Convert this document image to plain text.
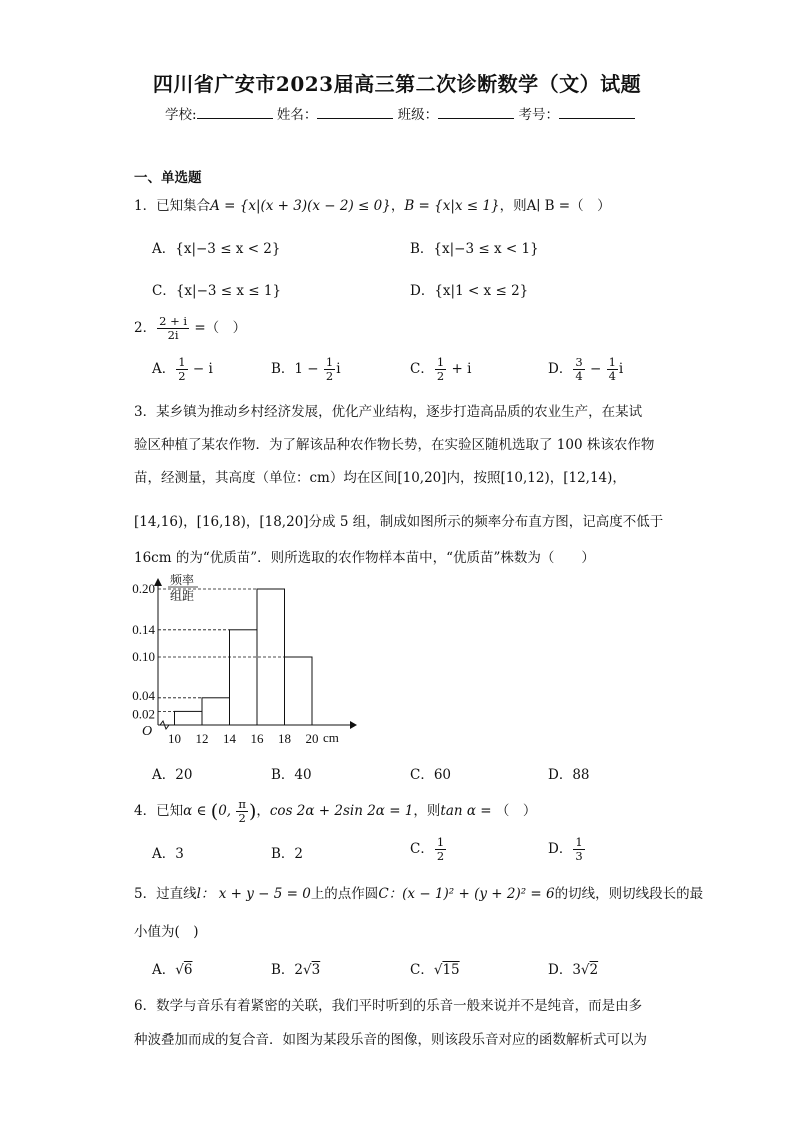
四川省广安市2023届高三第二次诊断数学（文）试题
学校:	姓名：	班级：	考号：
一、单选题
1．已知集合A = {x|(x + 3)(x − 2) ≤ 0}，B = {x|x ≤ 1}，则A∣ B =（　）
A．{x|−3 ≤ x < 2}	B．{x|−3 ≤ x < 1}
C．{x|−3 ≤ x ≤ 1}	D．{x|1 < x ≤ 2}
2． $\frac{2 + i}{2i}$ =（　）
A． $\frac{1}{2} - i$	B．$1 - \frac{1}{2}$ i	C． $\frac{1}{2} + i$	D． $\frac{3}{4} - \frac{1}{4}$ i
3．某乡镇为推动乡村经济发展，优化产业结构，逐步打造高品质的农业生产，在某试
验区种植了某农作物．为了解该品种农作物长势，在实验区随机选取了 100 株该农作物
苗，经测量，其高度（单位：cm）均在区间[10,20]内，按照[10,12)，[12,14)，
[14,16)，[16,18)，[18,20]分成 5 组，制成如图所示的频率分布直方图，记高度不低于
16cm 的为“优质苗”．则所选取的农作物样本苗中，“优质苗”株数为（　　）
0.02
0.04
0.10
0.14
0.20
10 12 14 16 18 20 cm
O
频率
组距
A．20	B．40	C．60	D．88
4．已知α ∈ (0, $\frac{\pi}{2}$ )，cos 2α + 2sin 2α = 1，则tan α = （　）
A．3	B．2	C． $\frac{1}{2}$	D． $\frac{1}{3}$
5．过直线l： x + y − 5 = 0上的点作圆C：(x − 1)² + (y + 2)² = 6的切线，则切线段长的最
小值为(　)
A．√6	B．2√3	C．√15	D．3√2
6．数学与音乐有着紧密的关联，我们平时听到的乐音一般来说并不是纯音，而是由多
种波叠加而成的复合音．如图为某段乐音的图像，则该段乐音对应的函数解析式可以为
